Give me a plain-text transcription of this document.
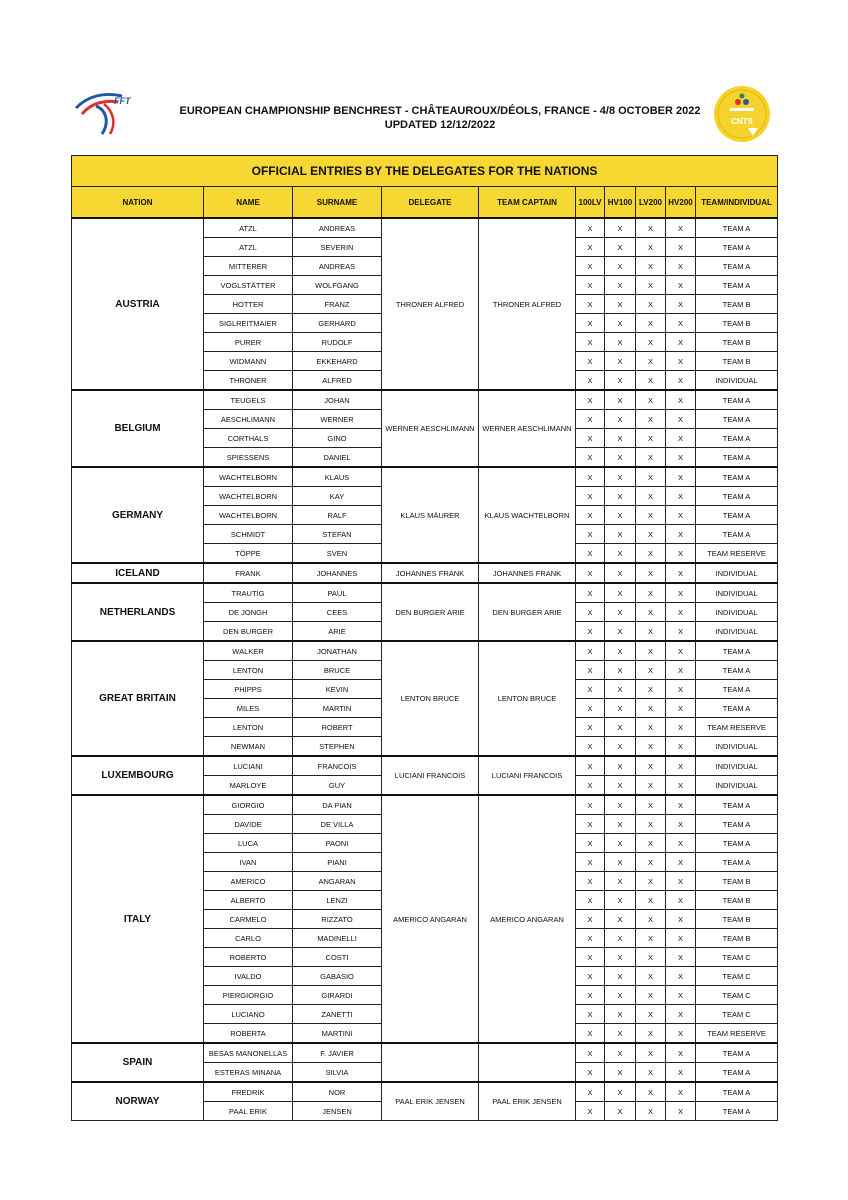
FFT
EUROPEAN CHAMPIONSHIP BENCHREST - CHÂTEAUROUX/DÉOLS, FRANCE - 4/8 OCTOBER 2022
UPDATED 12/12/2022	CNTS
OFFICIAL ENTRIES BY THE DELEGATES FOR THE NATIONS									
NATION	NAME	SURNAME	DELEGATE	TEAM CAPTAIN	100LV	HV100	LV200	HV200	TEAM/INDIVIDUAL
AUSTRIA	ATZL	ANDREAS	THRONER ALFRED	THRONER ALFRED	X	X	X	X	TEAM A
	ATZL	SEVERIN			X	X	X	X	TEAM A
	MITTERER	ANDREAS			X	X	X	X	TEAM A
	VOGLSTÄTTER	WOLFGANG			X	X	X	X	TEAM A
	HOTTER	FRANZ			X	X	X	X	TEAM B
	SIGLREITMAIER	GERHARD			X	X	X	X	TEAM B
	PURER	RUDOLF			X	X	X	X	TEAM B
	WIDMANN	EKKEHARD			X	X	X	X	TEAM B
	THRONER	ALFRED			X	X	X	X	INDIVIDUAL
BELGIUM	TEUGELS	JOHAN	WERNER AESCHLIMANN	WERNER AESCHLIMANN	X	X	X	X	TEAM A
	AESCHLIMANN	WERNER			X	X	X	X	TEAM A
	CORTHALS	GINO			X	X	X	X	TEAM A
	SPIESSENS	DANIEL			X	X	X	X	TEAM A
GERMANY	WACHTELBORN	KLAUS	KLAUS MÄURER	KLAUS WACHTELBORN	X	X	X	X	TEAM A
	WACHTELBORN	KAY			X	X	X	X	TEAM A
	WACHTELBORN	RALF			X	X	X	X	TEAM A
	SCHMIDT	STEFAN			X	X	X	X	TEAM A
	TÖPPE	SVEN			X	X	X	X	TEAM RESERVE
ICELAND	FRANK	JOHANNES	JOHANNES FRANK	JOHANNES FRANK	X	X	X	X	INDIVIDUAL
NETHERLANDS	TRAUTIG	PAUL	DEN BURGER ARIE	DEN BURGER ARIE	X	X	X	X	INDIVIDUAL
	DE JONGH	CEES			X	X	X	X	INDIVIDUAL
	DEN BURGER	ARIE			X	X	X	X	INDIVIDUAL
GREAT BRITAIN	WALKER	JONATHAN	LENTON BRUCE	LENTON BRUCE	X	X	X	X	TEAM A
	LENTON	BRUCE			X	X	X	X	TEAM A
	PHIPPS	KEVIN			X	X	X	X	TEAM A
	MILES	MARTIN			X	X	X	X	TEAM A
	LENTON	ROBERT			X	X	X	X	TEAM RESERVE
	NEWMAN	STEPHEN			X	X	X	X	INDIVIDUAL
LUXEMBOURG	LUCIANI	FRANCOIS	LUCIANI FRANCOIS	LUCIANI FRANCOIS	X	X	X	X	INDIVIDUAL
	MARLOYE	GUY			X	X	X	X	INDIVIDUAL
ITALY	GIORGIO	DA PIAN	AMERICO ANGARAN	AMERICO ANGARAN	X	X	X	X	TEAM A
	DAVIDE	DE VILLA			X	X	X	X	TEAM A
	LUCA	PAONI			X	X	X	X	TEAM A
	IVAN	PIANI			X	X	X	X	TEAM A
	AMERICO	ANGARAN			X	X	X	X	TEAM B
	ALBERTO	LENZI			X	X	X	X	TEAM B
	CARMELO	RIZZATO			X	X	X	X	TEAM B
	CARLO	MADINELLI			X	X	X	X	TEAM B
	ROBERTO	COSTI			X	X	X	X	TEAM C
	IVALDO	GABASIO			X	X	X	X	TEAM C
	PIERGIORGIO	GIRARDI			X	X	X	X	TEAM C
	LUCIANO	ZANETTI			X	X	X	X	TEAM C
	ROBERTA	MARTINI			X	X	X	X	TEAM RESERVE
SPAIN	BESAS MANONELLAS	F. JAVIER			X	X	X	X	TEAM A
	ESTERAS MINANA	SILVIA			X	X	X	X	TEAM A
NORWAY	FREDRIK	NOR	PAAL ERIK JENSEN	PAAL ERIK JENSEN	X	X	X	X	TEAM A
	PAAL ERIK	JENSEN			X	X	X	X	TEAM A
